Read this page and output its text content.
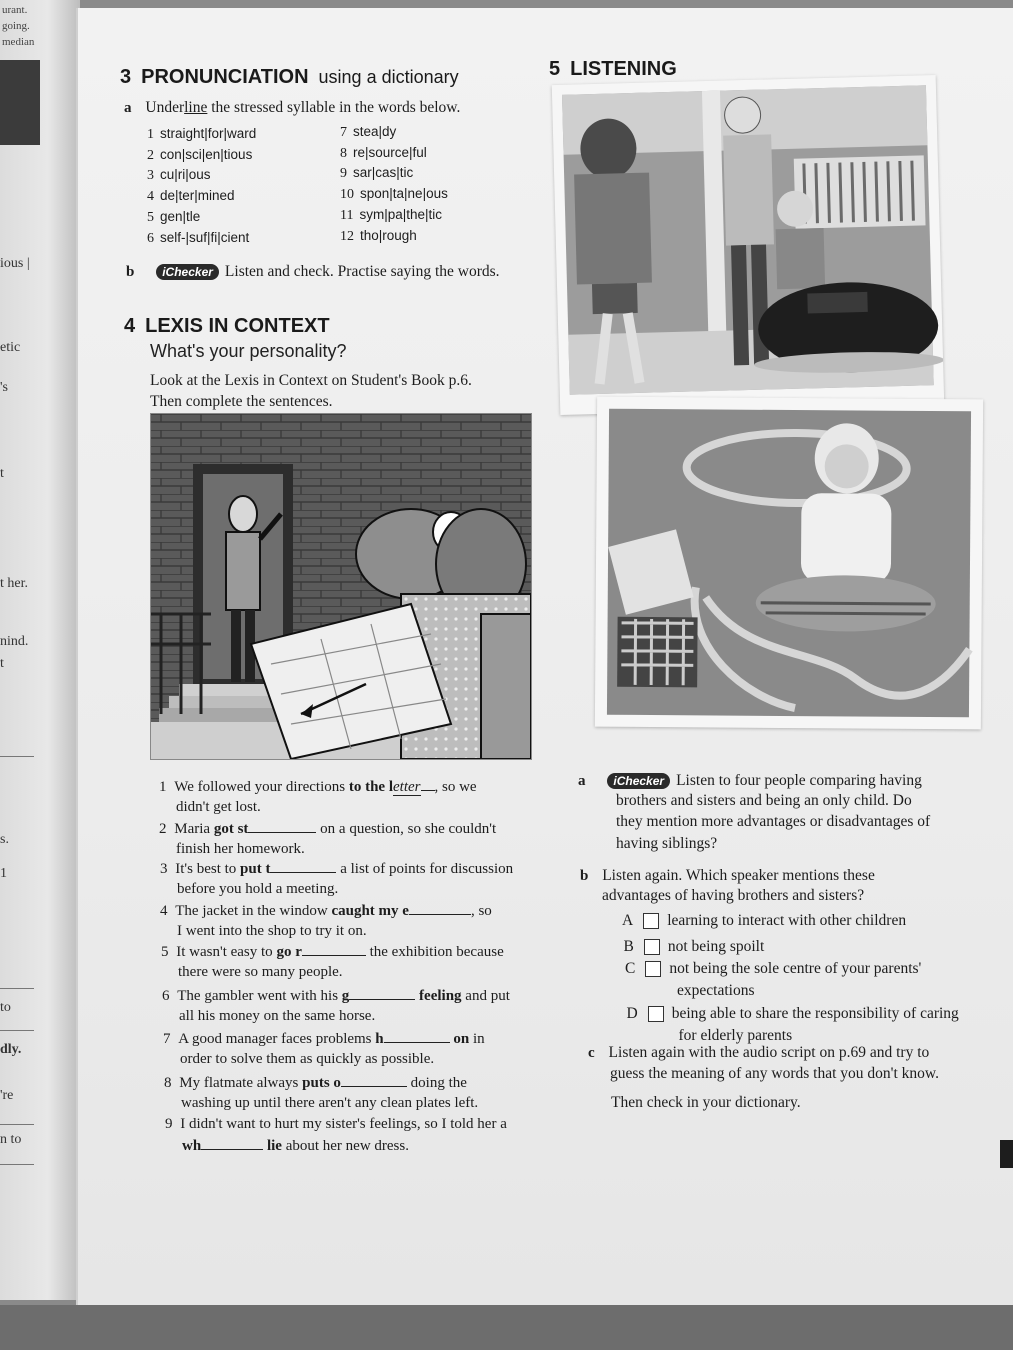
urant.
going.
median
ious |
etic
's
t
t her.
nind.
t
s.
1
to
dly.
're
n to
3 PRONUNCIATION using a dictionary
a Underline the stressed syllable in the words below.
1 straight|for|ward
2 con|sci|en|tious
3 cu|ri|ous
4 de|ter|mined
5 gen|tle
6 self-|suf|fi|cient
7 stea|dy
8 re|source|ful
9 sar|cas|tic
10 spon|ta|ne|ous
11 sym|pa|the|tic
12 tho|rough
b iChecker Listen and check. Practise saying the words.
4 LEXIS IN CONTEXT
What's your personality?
Look at the Lexis in Context on Student's Book p.6.
Then complete the sentences.
1 We followed your directions to the letter , so we
didn't get lost.
2 Maria got st	on a question, so she couldn't
finish her homework.
3 It's best to put t	a list of points for discussion
before you hold a meeting.
4 The jacket in the window caught my e	, so
I went into the shop to try it on.
5 It wasn't easy to go r	the exhibition because
there were so many people.
6 The gambler went with his g	feeling and put
all his money on the same horse.
7 A good manager faces problems h	on in
order to solve them as quickly as possible.
8 My flatmate always puts o	doing the
washing up until there aren't any clean plates left.
9 I didn't want to hurt my sister's feelings, so I told her a
wh	lie about her new dress.
5 LISTENING
a iChecker Listen to four people comparing having
brothers and sisters and being an only child. Do
they mention more advantages or disadvantages of
having siblings?
b Listen again. Which speaker mentions these
advantages of having brothers and sisters?
A learning to interact with other children
B not being spoilt
C not being the sole centre of your parents'
expectations
D being able to share the responsibility of caring
for elderly parents
c Listen again with the audio script on p.69 and try to
guess the meaning of any words that you don't know.
Then check in your dictionary.
